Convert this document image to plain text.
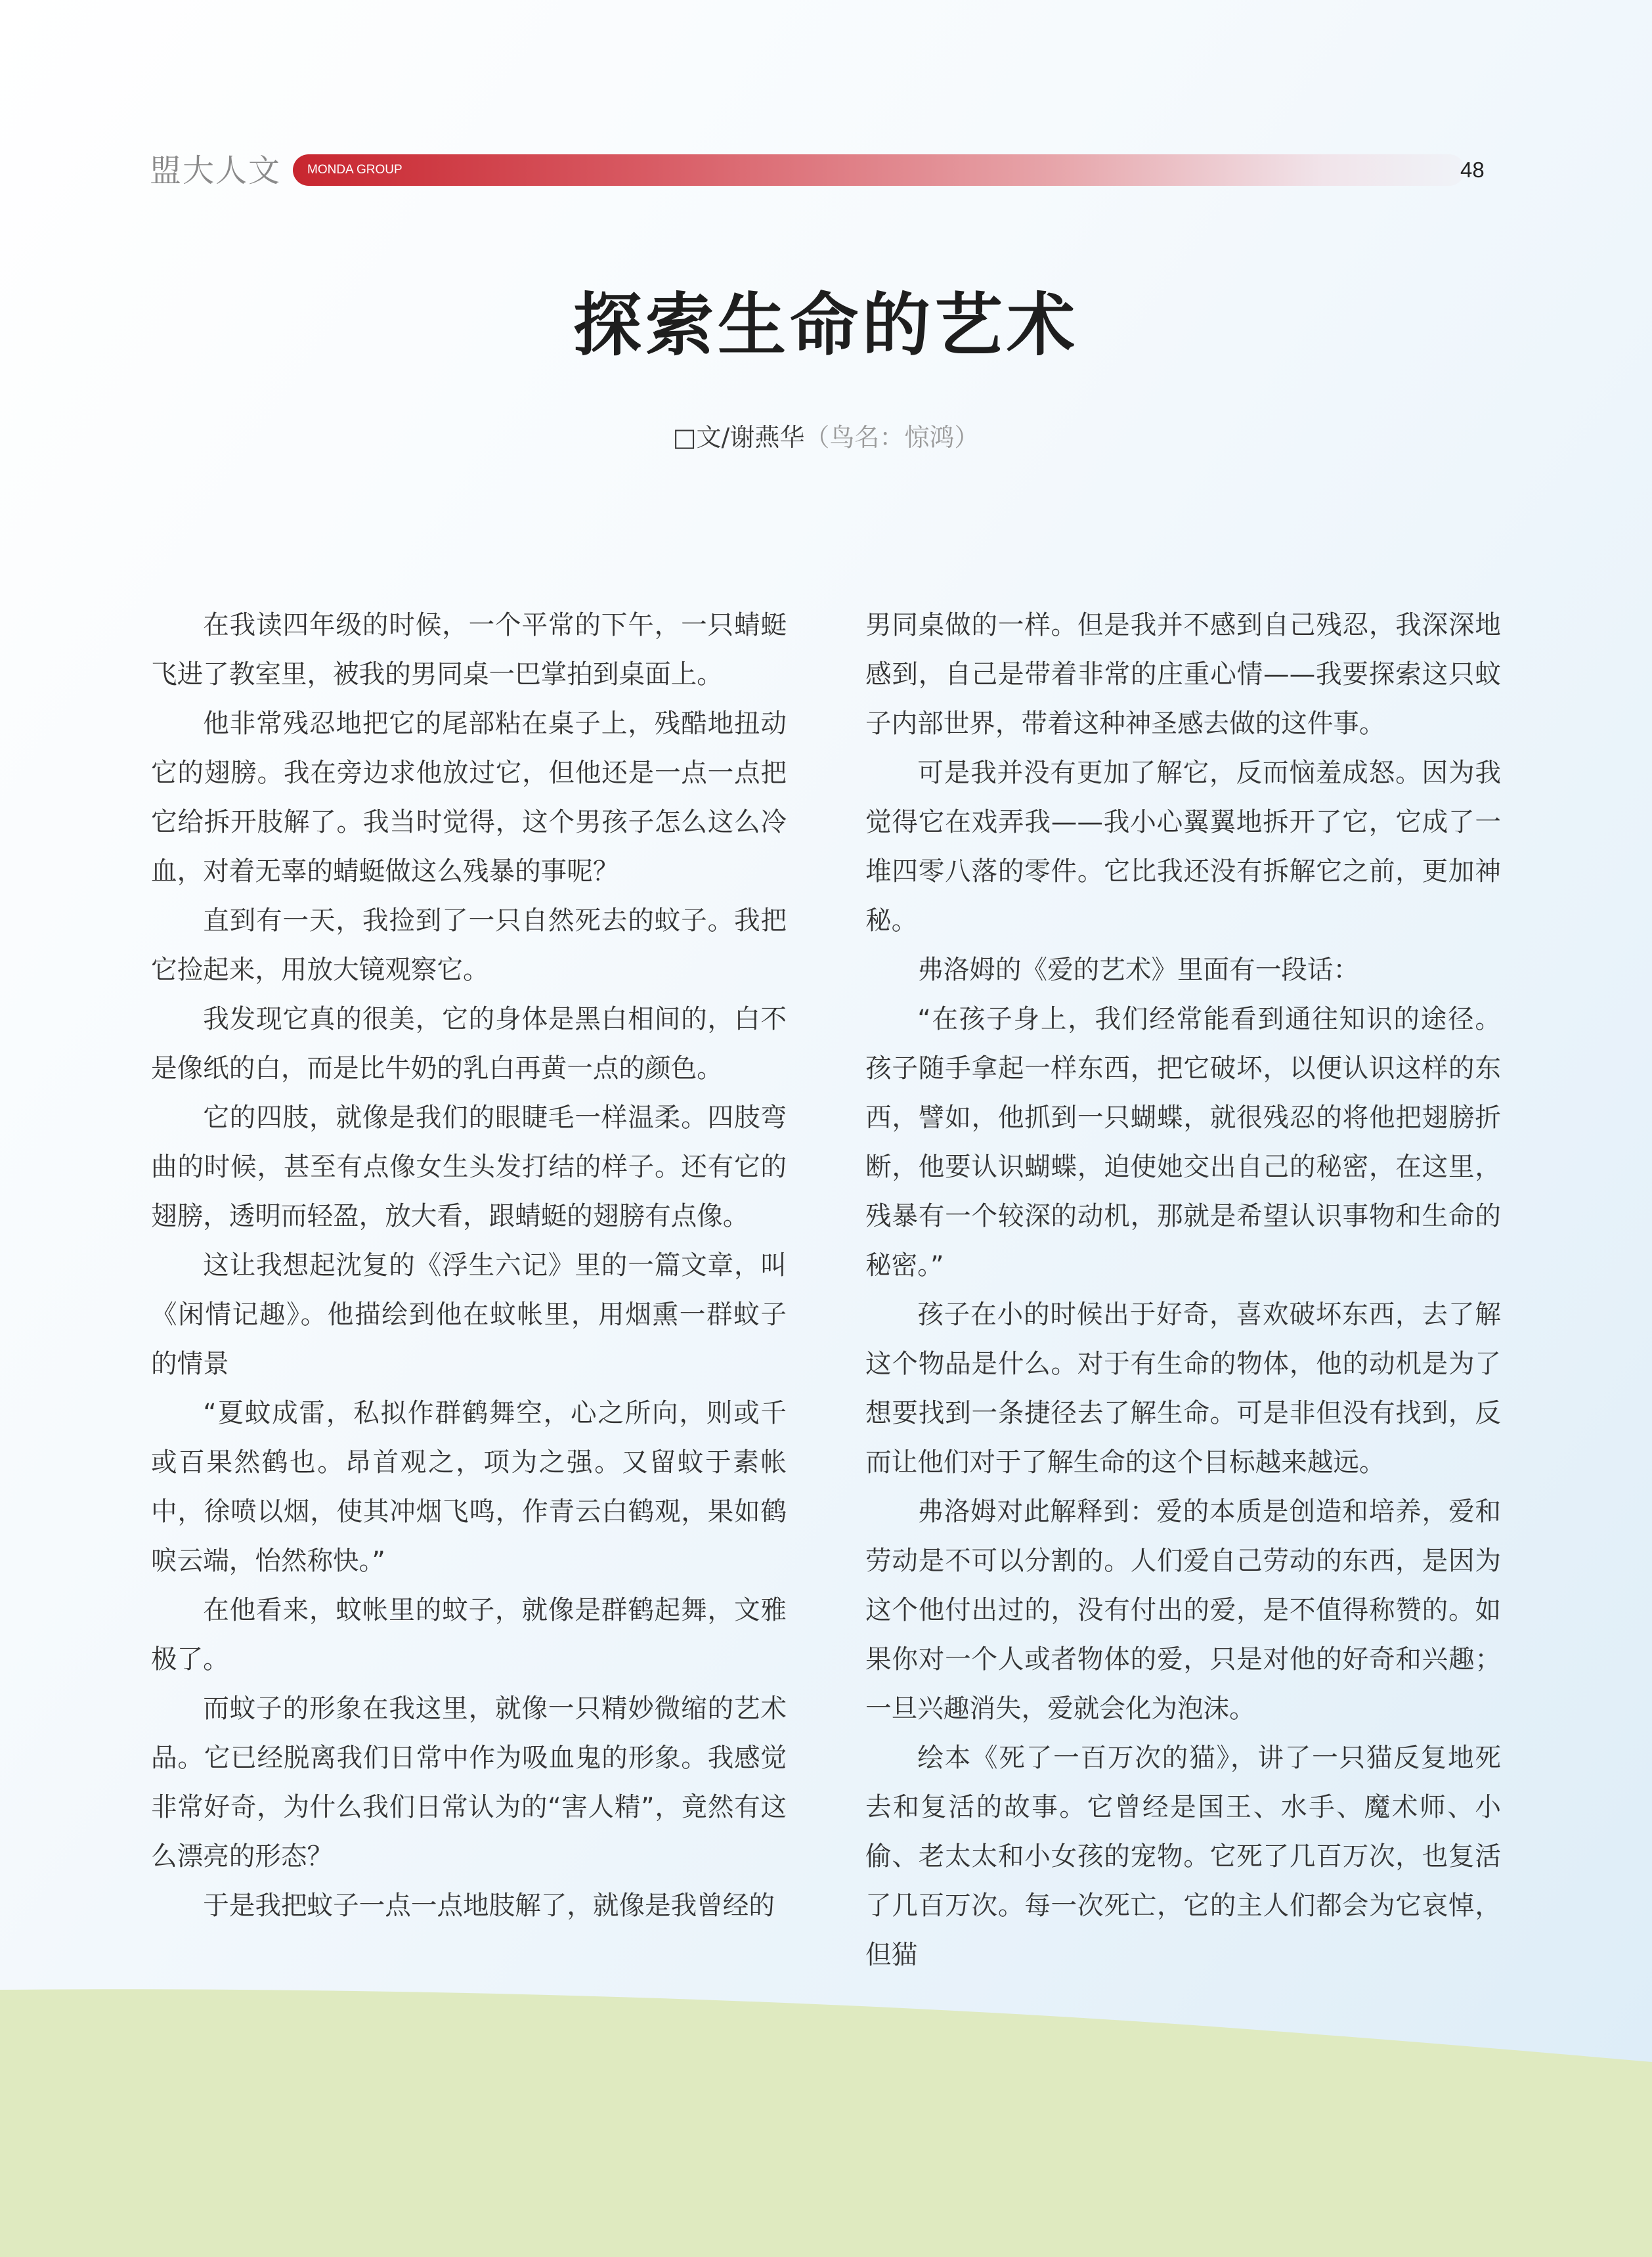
盟大人文 MONDA GROUP	48
探索生命的艺术
□文/谢燕华（鸟名：惊鸿）

在我读四年级的时候，一个平常的下午，一只蜻蜓飞进了教室里，被我的男同桌一巴掌拍到桌面上。

他非常残忍地把它的尾部粘在桌子上，残酷地扭动它的翅膀。我在旁边求他放过它，但他还是一点一点把它给拆开肢解了。我当时觉得，这个男孩子怎么这么冷血，对着无辜的蜻蜓做这么残暴的事呢？

直到有一天，我捡到了一只自然死去的蚊子。我把它捡起来，用放大镜观察它。

我发现它真的很美，它的身体是黑白相间的，白不是像纸的白，而是比牛奶的乳白再黄一点的颜色。

它的四肢，就像是我们的眼睫毛一样温柔。四肢弯曲的时候，甚至有点像女生头发打结的样子。还有它的翅膀，透明而轻盈，放大看，跟蜻蜓的翅膀有点像。

这让我想起沈复的《浮生六记》里的一篇文章，叫《闲情记趣》。他描绘到他在蚊帐里，用烟熏一群蚊子的情景

“夏蚊成雷，私拟作群鹤舞空，心之所向，则或千或百果然鹤也。昂首观之，项为之强。又留蚊于素帐中，徐喷以烟，使其冲烟飞鸣，作青云白鹤观，果如鹤唳云端，怡然称快。”

在他看来，蚊帐里的蚊子，就像是群鹤起舞，文雅极了。

而蚊子的形象在我这里，就像一只精妙微缩的艺术品。它已经脱离我们日常中作为吸血鬼的形象。我感觉非常好奇，为什么我们日常认为的“害人精”，竟然有这么漂亮的形态？

于是我把蚊子一点一点地肢解了，就像是我曾经的

男同桌做的一样。但是我并不感到自己残忍，我深深地感到，自己是带着非常的庄重心情——我要探索这只蚊子内部世界，带着这种神圣感去做的这件事。

可是我并没有更加了解它，反而恼羞成怒。因为我觉得它在戏弄我——我小心翼翼地拆开了它，它成了一堆四零八落的零件。它比我还没有拆解它之前，更加神秘。

弗洛姆的《爱的艺术》里面有一段话：

“在孩子身上，我们经常能看到通往知识的途径。孩子随手拿起一样东西，把它破坏，以便认识这样的东西，譬如，他抓到一只蝴蝶，就很残忍的将他把翅膀折断，他要认识蝴蝶，迫使她交出自己的秘密，在这里，残暴有一个较深的动机，那就是希望认识事物和生命的秘密。”

孩子在小的时候出于好奇，喜欢破坏东西，去了解这个物品是什么。对于有生命的物体，他的动机是为了想要找到一条捷径去了解生命。可是非但没有找到，反而让他们对于了解生命的这个目标越来越远。

弗洛姆对此解释到：爱的本质是创造和培养，爱和劳动是不可以分割的。人们爱自己劳动的东西，是因为这个他付出过的，没有付出的爱，是不值得称赞的。如果你对一个人或者物体的爱，只是对他的好奇和兴趣；一旦兴趣消失，爱就会化为泡沫。

绘本《死了一百万次的猫》，讲了一只猫反复地死去和复活的故事。它曾经是国王、水手、魔术师、小偷、老太太和小女孩的宠物。它死了几百万次，也复活了几百万次。每一次死亡，它的主人们都会为它哀悼，但猫
